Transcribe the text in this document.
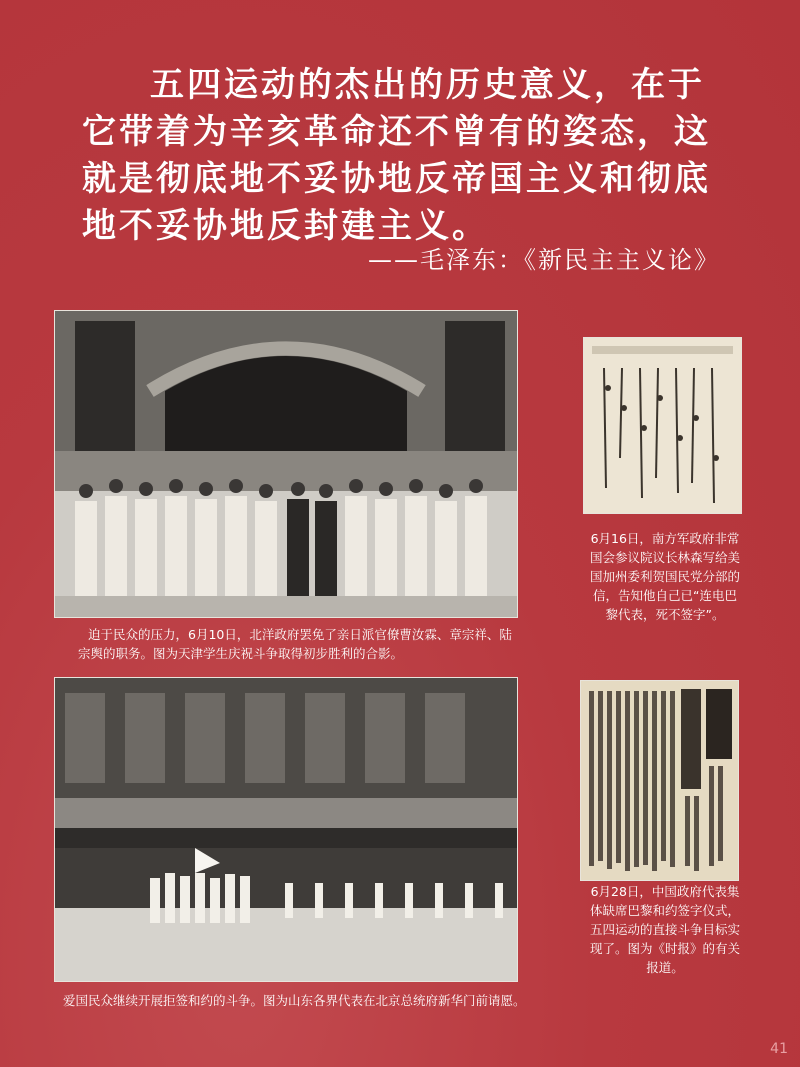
五四运动的杰出的历史意义，在于它带着为辛亥革命还不曾有的姿态，这就是彻底地不妥协地反帝国主义和彻底地不妥协地反封建主义。

——毛泽东：《新民主主义论》

迫于民众的压力，6月10日，北洋政府罢免了亲日派官僚曹汝霖、章宗祥、陆宗舆的职务。图为天津学生庆祝斗争取得初步胜利的合影。

爱国民众继续开展拒签和约的斗争。图为山东各界代表在北京总统府新华门前请愿。

6月16日，南方军政府非常国会参议院议长林森写给美国加州委利贺国民党分部的信，告知他自己已“连电巴黎代表，死不签字”。

6月28日，中国政府代表集体缺席巴黎和约签字仪式，五四运动的直接斗争目标实现了。图为《时报》的有关报道。

41
